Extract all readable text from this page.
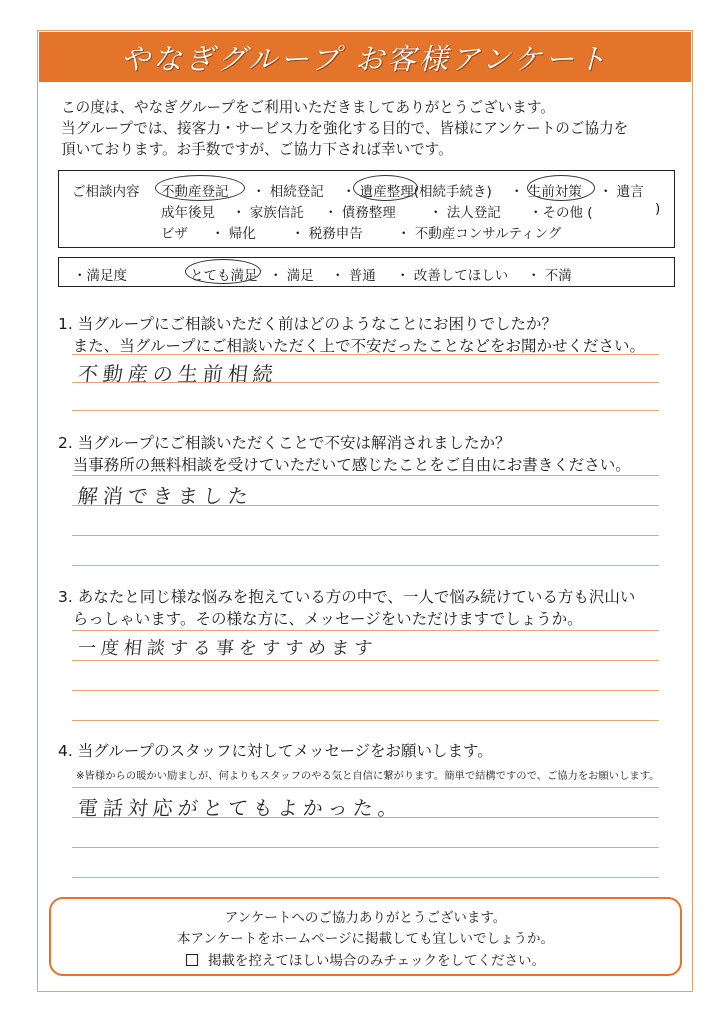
やなぎグループ お客様アンケート
この度は、やなぎグループをご利用いただきましてありがとうございます。
当グループでは、接客力・サービス力を強化する目的で、皆様にアンケートのご協力を
頂いております。お手数ですが、ご協力下されば幸いです。
ご相談内容 不動産登記 ・ 相続登記 ・ 遺産整理(相続手続き) ・ 生前対策 ・ 遺言
成年後見 ・ 家族信託 ・ 債務整理 ・ 法人登記 ・その他 (	)
ビザ ・ 帰化	・ 税務申告	・ 不動産コンサルティング
・満足度	とても満足 ・ 満足 ・ 普通 ・ 改善してほしい ・ 不満
1. 当グループにご相談いただく前はどのようなことにお困りでしたか？
また、当グループにご相談いただく上で不安だったことなどをお聞かせください。
不動産の生前相続
2. 当グループにご相談いただくことで不安は解消されましたか？
当事務所の無料相談を受けていただいて感じたことをご自由にお書きください。
解消できました
3. あなたと同じ様な悩みを抱えている方の中で、一人で悩み続けている方も沢山い
らっしゃいます。その様な方に、メッセージをいただけますでしょうか。
一度相談する事をすすめます
4. 当グループのスタッフに対してメッセージをお願いします。
※皆様からの暖かい励ましが、何よりもスタッフのやる気と自信に繋がります。簡単で結構ですので、ご協力をお願いします。
電話対応がとてもよかった。
アンケートへのご協力ありがとうございます。
本アンケートをホームページに掲載しても宜しいでしょうか。
掲載を控えてほしい場合のみチェックをしてください。
